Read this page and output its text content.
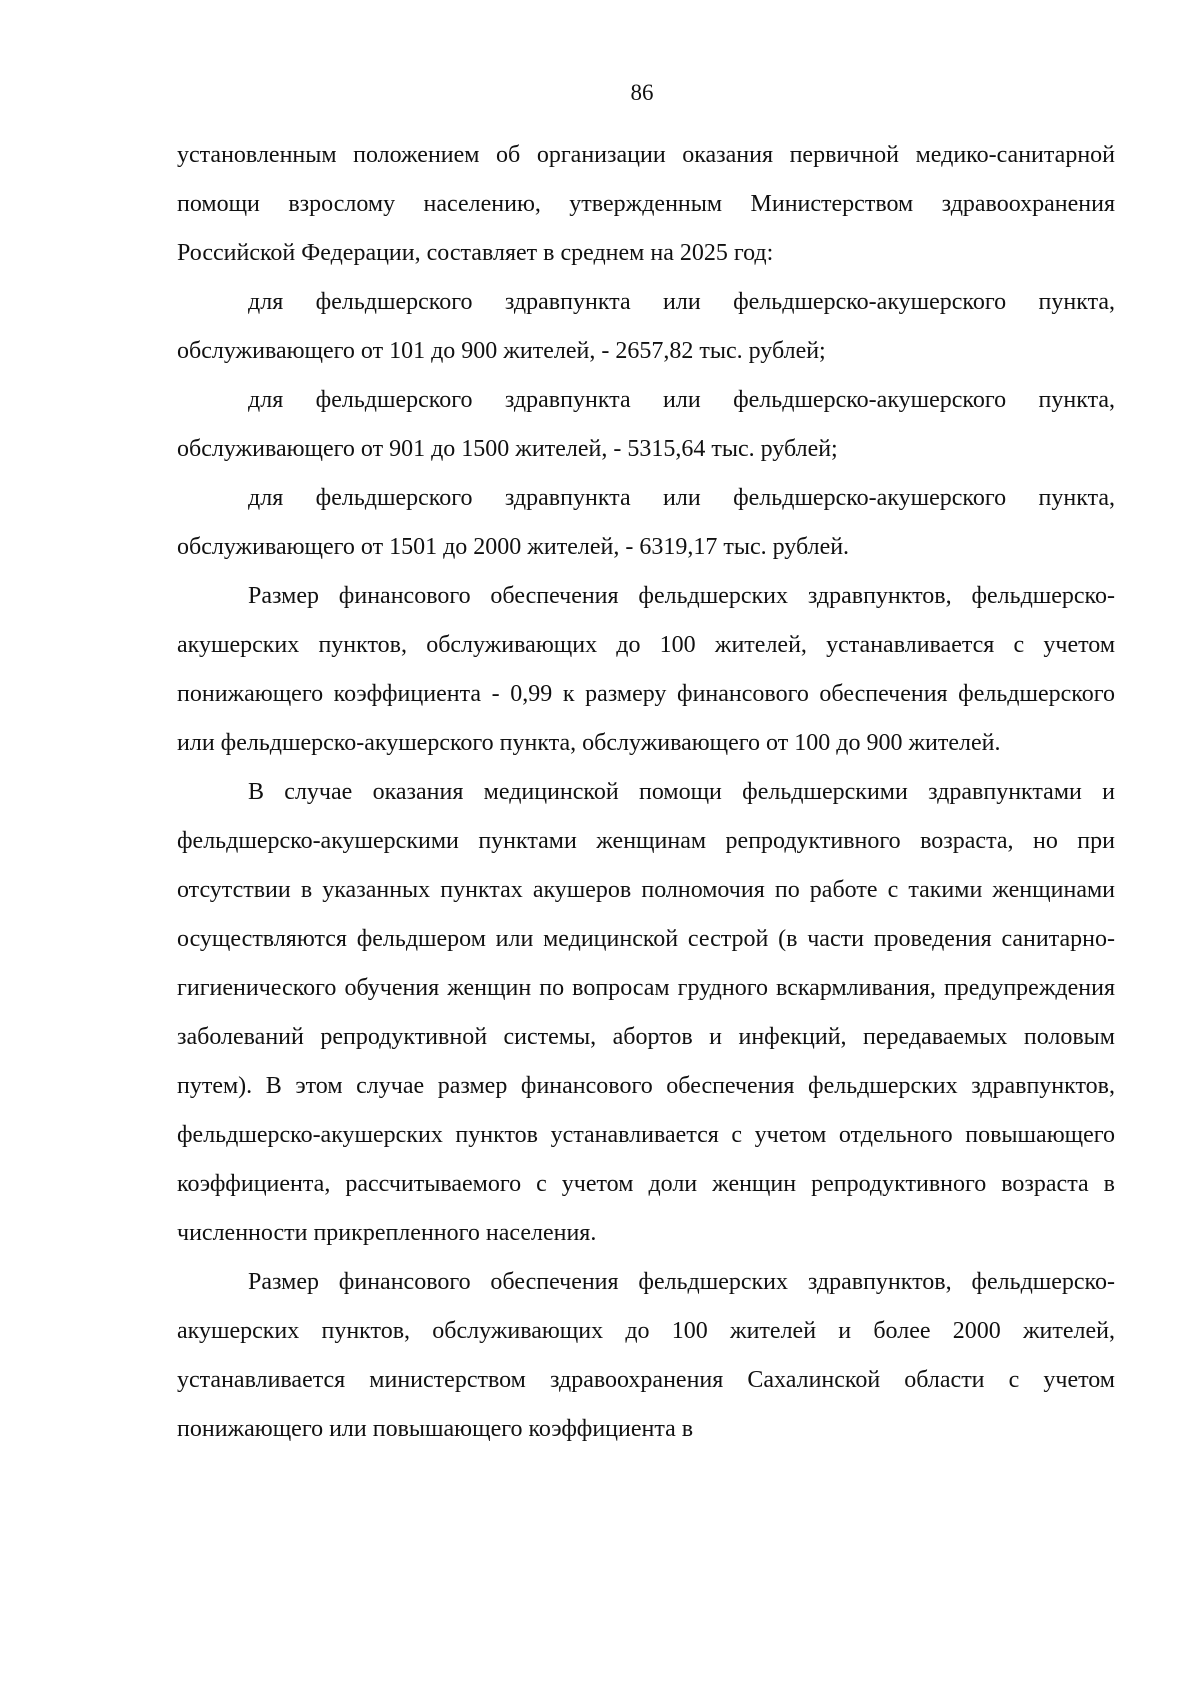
86

установленным положением об организации оказания первичной медико-санитарной помощи взрослому населению, утвержденным Министерством здравоохранения Российской Федерации, составляет в среднем на 2025 год:

для фельдшерского здравпункта или фельдшерско-акушерского пункта, обслуживающего от 101 до 900 жителей, - 2657,82 тыс. рублей;

для фельдшерского здравпункта или фельдшерско-акушерского пункта, обслуживающего от 901 до 1500 жителей, - 5315,64 тыс. рублей;

для фельдшерского здравпункта или фельдшерско-акушерского пункта, обслуживающего от 1501 до 2000 жителей, - 6319,17 тыс. рублей.

Размер финансового обеспечения фельдшерских здравпунктов, фельдшерско-акушерских пунктов, обслуживающих до 100 жителей, устанавливается с учетом понижающего коэффициента - 0,99 к размеру финансового обеспечения фельдшерского или фельдшерско-акушерского пункта, обслуживающего от 100 до 900 жителей.

В случае оказания медицинской помощи фельдшерскими здравпунктами и фельдшерско-акушерскими пунктами женщинам репродуктивного возраста, но при отсутствии в указанных пунктах акушеров полномочия по работе с такими женщинами осуществляются фельдшером или медицинской сестрой (в части проведения санитарно-гигиенического обучения женщин по вопросам грудного вскармливания, предупреждения заболеваний репродуктивной системы, абортов и инфекций, передаваемых половым путем). В этом случае размер финансового обеспечения фельдшерских здравпунктов, фельдшерско-акушерских пунктов устанавливается с учетом отдельного повышающего коэффициента, рассчитываемого с учетом доли женщин репродуктивного возраста в численности прикрепленного населения.

Размер финансового обеспечения фельдшерских здравпунктов, фельдшерско-акушерских пунктов, обслуживающих до 100 жителей и более 2000 жителей, устанавливается министерством здравоохранения Сахалинской области с учетом понижающего или повышающего коэффициента в
